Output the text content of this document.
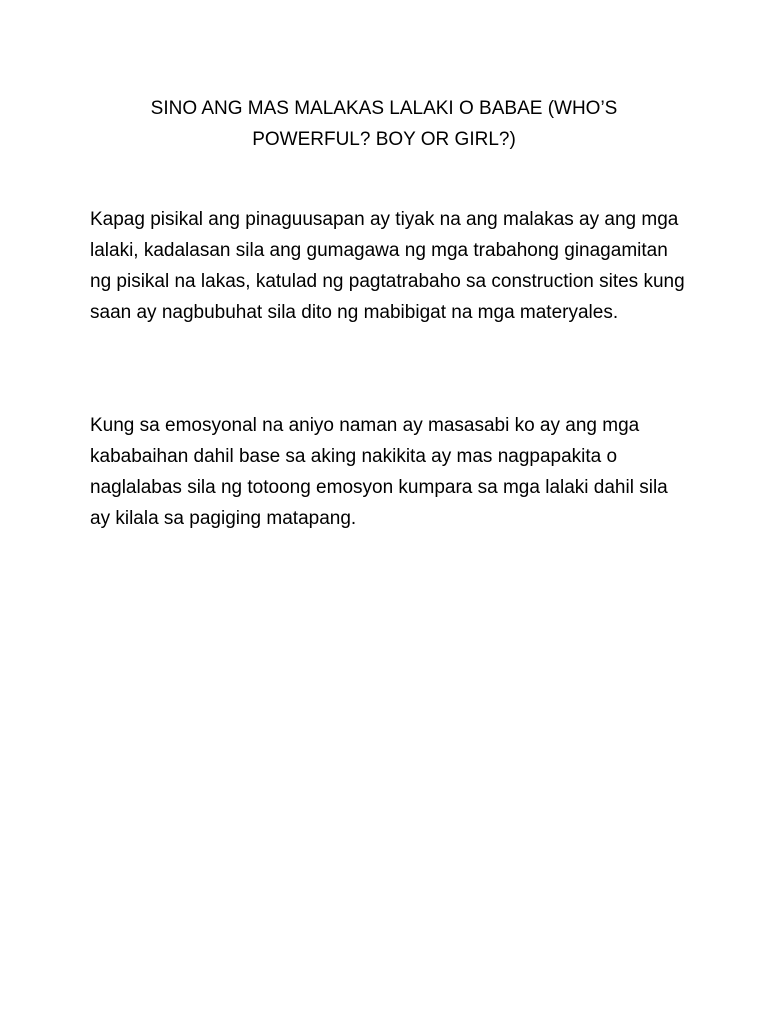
SINO ANG MAS MALAKAS LALAKI O BABAE (WHO’S POWERFUL? BOY OR GIRL?)

Kapag pisikal ang pinaguusapan ay tiyak na ang malakas ay ang mga lalaki, kadalasan sila ang gumagawa ng mga trabahong ginagamitan ng pisikal na lakas, katulad ng pagtatrabaho sa construction sites kung saan ay nagbubuhat sila dito ng mabibigat na mga materyales.

Kung sa emosyonal na aniyo naman ay masasabi ko ay ang mga kababaihan dahil base sa aking nakikita ay mas nagpapakita o naglalabas sila ng totoong emosyon kumpara sa mga lalaki dahil sila ay kilala sa pagiging matapang.
